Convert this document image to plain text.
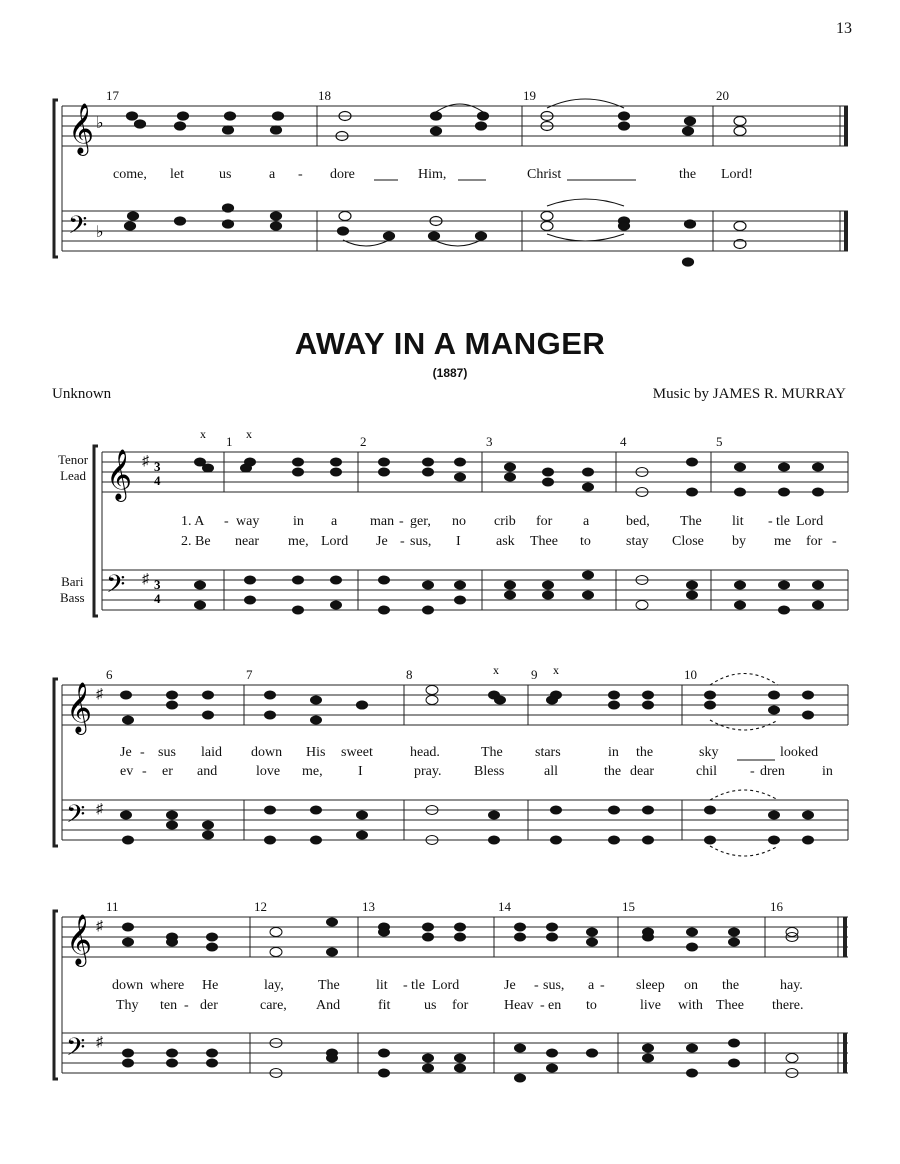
13
𝄞
𝄢
♭
♭
17	18	19	20
come, let	us	a - dore	Him,	Christ	the Lord!
AWAY IN A MANGER
(1887)
Unknown	Music by JAMES R. MURRAY
𝄞
𝄢
♯
♯
3
4
3
4
x	x
Tenor
Lead
Bari
Bass
1	2	3	4	5
1. A - way in a man - ger, no crib for a	bed, The lit - tle Lord
2. Be near me, Lord Je - sus, I	ask Thee to	stay Close by me for -
𝄞
𝄢
♯
♯
x	x
6	7	8	9	10
Je - sus laid down His sweet	head.	The stars	in the	sky	looked
ev - er and	love me,	I	pray. Bless	all	the dear	chil - dren	in
𝄞
𝄢
♯
♯
11	12	13	14	15	16
down where He	lay, The	lit - tle Lord	Je - sus, a - sleep on the	hay.
Thy ten - der	care, And	fit us for	Heav - en to	live with Thee there.
